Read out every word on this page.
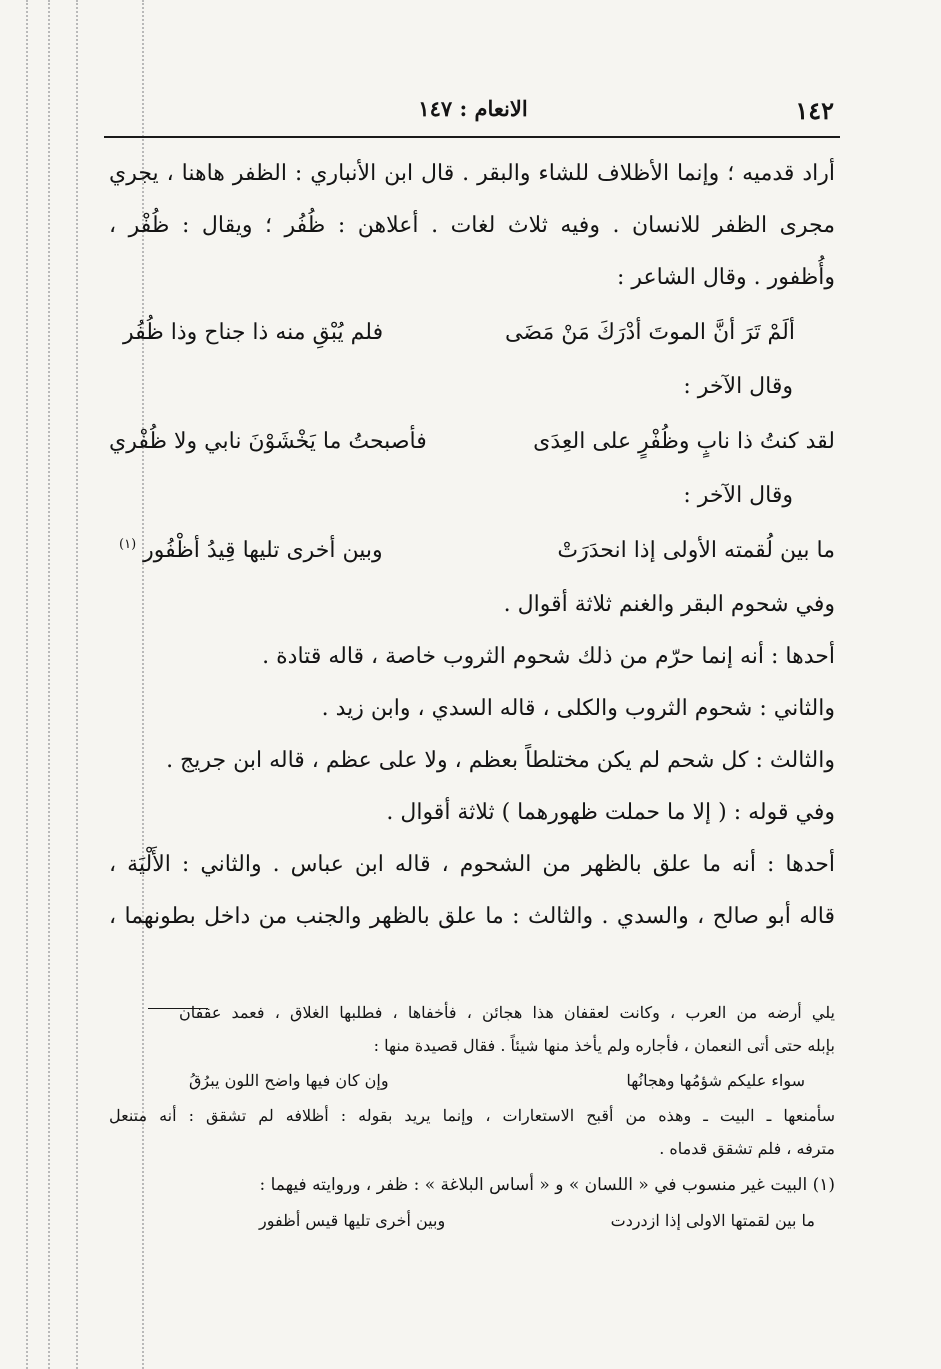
١٤٢
الانعام : ١٤٧
أراد قدميه ؛ وإنما الأظلاف للشاء والبقر . قال ابن الأنباري : الظفر هاهنا ، يجري
مجرى الظفر للانسان . وفيه ثلاث لغات . أعلاهن : ظُفُر ؛ ويقال : ظُفْر ،
وأُظفور . وقال الشاعر :
ألَمْ تَرَ أنَّ الموتَ أدْرَكَ مَنْ مَضَى
فلم يُبْقِ منه ذا جناح وذا ظُفُر
وقال الآخر :
لقد كنتُ ذا نابٍ وظُفْرٍ على العِدَى
فأصبحتُ ما يَخْشَوْنَ نابي ولا ظُفْري
وقال الآخر :
ما بين لُقمته الأولى إذا انحدَرَتْ
وبين أخرى تليها قِيدُ أظْفُور $^{(١)}$
وفي شحوم البقر والغنم ثلاثة أقوال .
أحدها : أنه إنما حرّم من ذلك شحوم الثروب خاصة ، قاله قتادة .
والثاني : شحوم الثروب والكلى ، قاله السدي ، وابن زيد .
والثالث : كل شحم لم يكن مختلطاً بعظم ، ولا على عظم ، قاله ابن جريج .
وفي قوله : ( إلا ما حملت ظهورهما ) ثلاثة أقوال .
أحدها : أنه ما علق بالظهر من الشحوم ، قاله ابن عباس . والثاني : الأَلْيَة ،
قاله أبو صالح ، والسدي . والثالث : ما علق بالظهر والجنب من داخل بطونهما ،
يلي أرضه من العرب ، وكانت لعقفان هذا هجائن ، فأخفاها ، فطلبها الغلاق ، فعمد عقفان
بإبله حتى أتى النعمان ، فأجاره ولم يأخذ منها شيئاً . فقال قصيدة منها :
سواء عليكم شؤمُها وهجانُها
وإن كان فيها واضح اللون يبرُقُ
سأمنعها ـ البيت ـ وهذه من أقبح الاستعارات ، وإنما يريد بقوله : أظلافه لم تشقق : أنه متنعل
مترفه ، فلم تشقق قدماه .
(١) البيت غير منسوب في « اللسان » و « أساس البلاغة » : ظفر ، وروايته فيهما :
ما بين لقمتها الاولى إذا ازدردت
وبين أخرى تليها قيس أظفور
